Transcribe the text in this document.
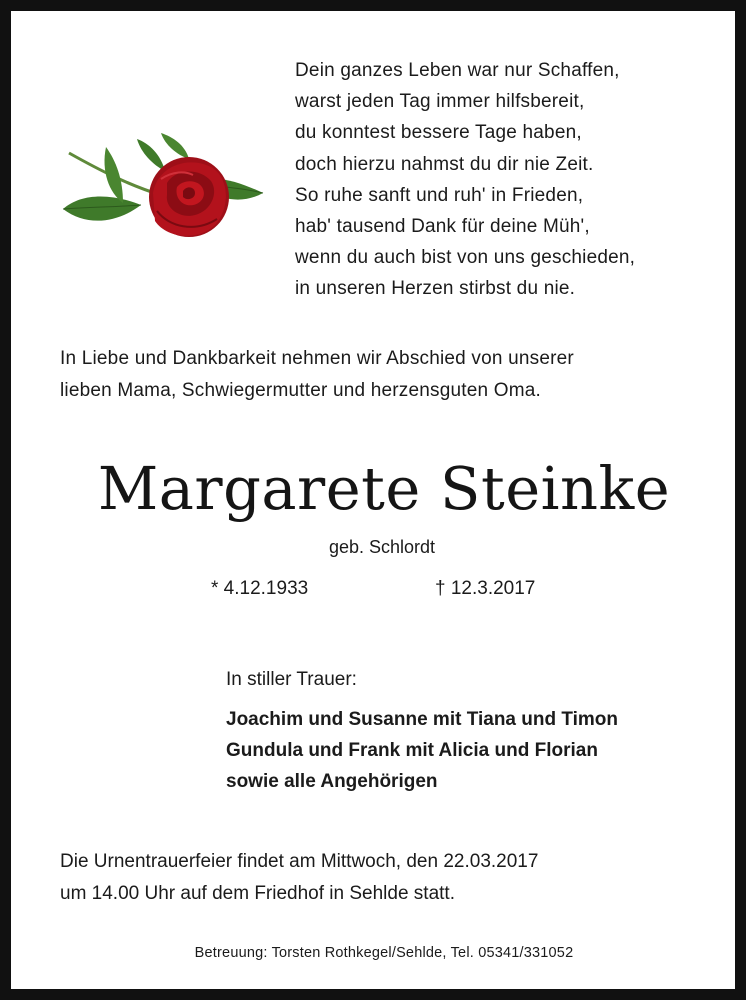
Dein ganzes Leben war nur Schaffen,
warst jeden Tag immer hilfsbereit,
du konntest bessere Tage haben,
doch hierzu nahmst du dir nie Zeit.
So ruhe sanft und ruh' in Frieden,
hab' tausend Dank für deine Müh',
wenn du auch bist von uns geschieden,
in unseren Herzen stirbst du nie.
In Liebe und Dankbarkeit nehmen wir Abschied von unserer
lieben Mama, Schwiegermutter und herzensguten Oma.
Margarete Steinke
geb. Schlordt
* 4.12.1933	† 12.3.2017
In stiller Trauer:
Joachim und Susanne mit Tiana und Timon
Gundula und Frank mit Alicia und Florian
sowie alle Angehörigen
Die Urnentrauerfeier findet am Mittwoch, den 22.03.2017
um 14.00 Uhr auf dem Friedhof in Sehlde statt.
Betreuung: Torsten Rothkegel/Sehlde, Tel. 05341/331052
